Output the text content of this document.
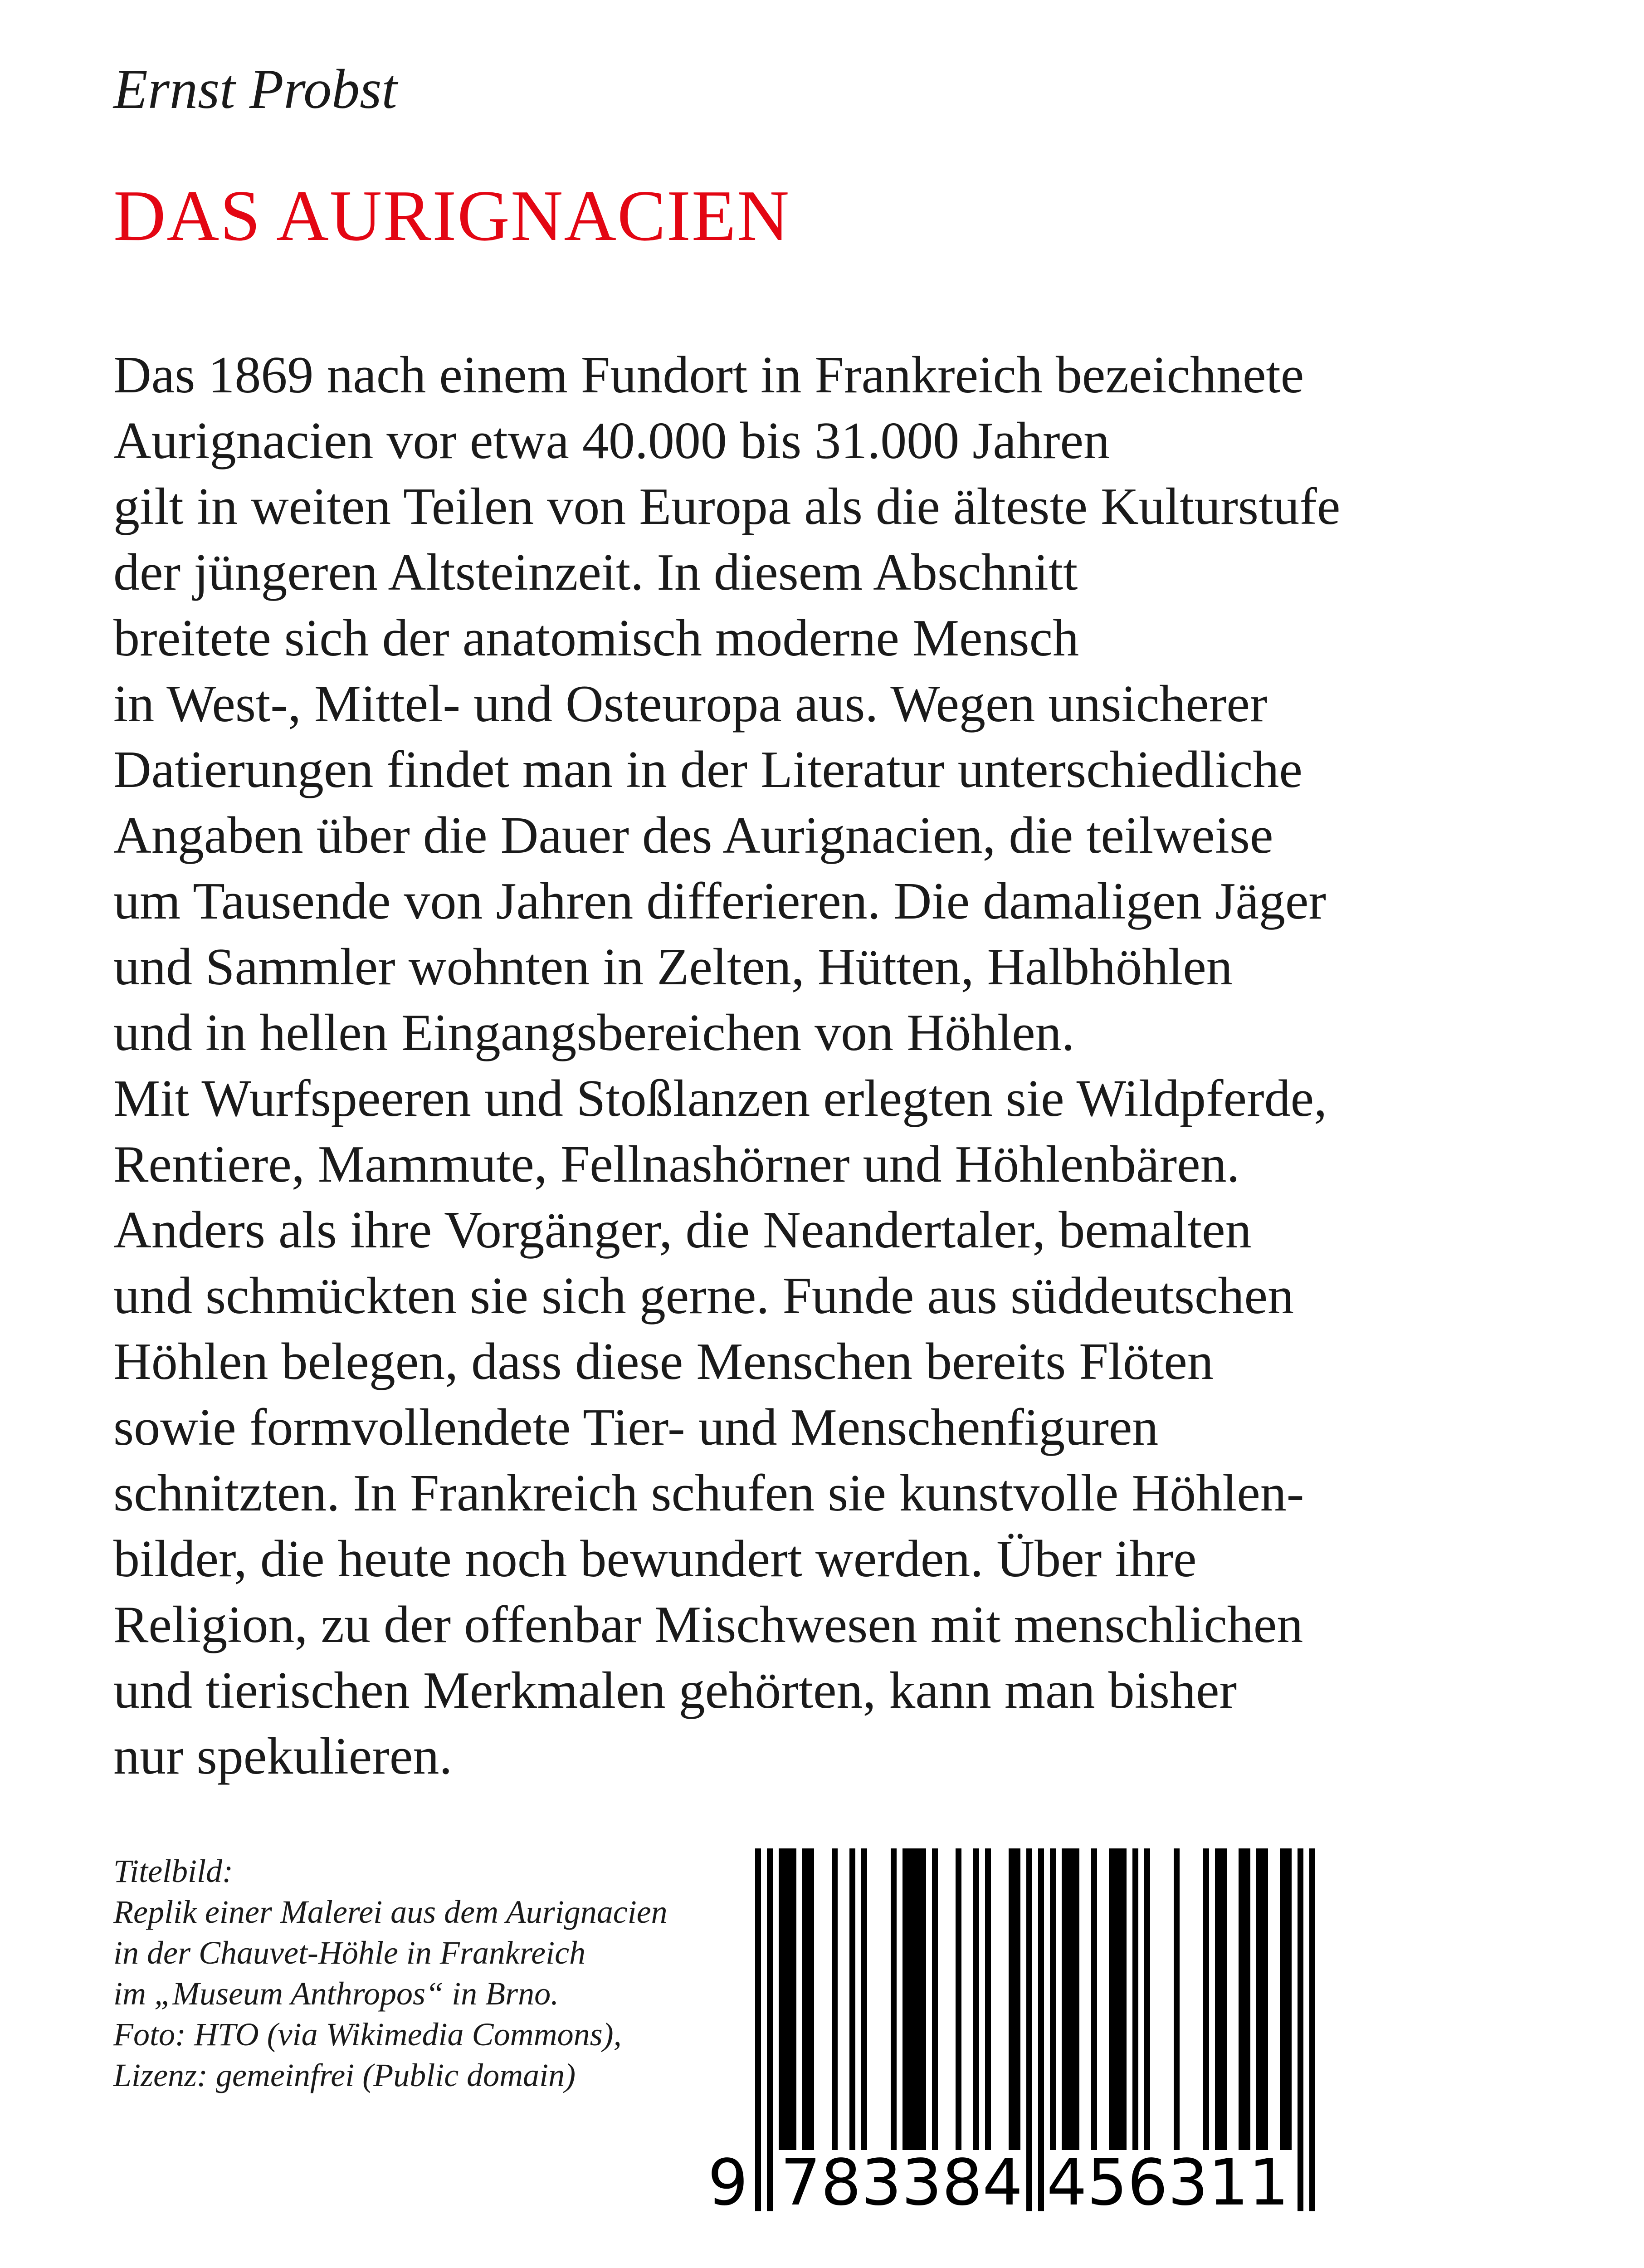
Ernst Probst

DAS AURIGNACIEN
Das 1869 nach einem Fundort in Frankreich bezeichnete
Aurignacien vor etwa 40.000 bis 31.000 Jahren
gilt in weiten Teilen von Europa als die älteste Kulturstufe
der jüngeren Altsteinzeit. In diesem Abschnitt
breitete sich der anatomisch moderne Mensch
in West-, Mittel- und Osteuropa aus. Wegen unsicherer
Datierungen findet man in der Literatur unterschiedliche
Angaben über die Dauer des Aurignacien, die teilweise
um Tausende von Jahren differieren. Die damaligen Jäger
und Sammler wohnten in Zelten, Hütten, Halbhöhlen
und in hellen Eingangsbereichen von Höhlen.
Mit Wurfspeeren und Stoßlanzen erlegten sie Wildpferde,
Rentiere, Mammute, Fellnashörner und Höhlenbären.
Anders als ihre Vorgänger, die Neandertaler, bemalten
und schmückten sie sich gerne. Funde aus süddeutschen
Höhlen belegen, dass diese Menschen bereits Flöten
sowie formvollendete Tier- und Menschenfiguren
schnitzten. In Frankreich schufen sie kunstvolle Höhlen-
bilder, die heute noch bewundert werden. Über ihre
Religion, zu der offenbar Mischwesen mit menschlichen
und tierischen Merkmalen gehörten, kann man bisher
nur spekulieren.
Titelbild:
Replik einer Malerei aus dem Aurignacien
in der Chauvet-Höhle in Frankreich
im „Museum Anthropos“ in Brno.
Foto: HTO (via Wikimedia Commons),
Lizenz: gemeinfrei (Public domain)
9 783384 456311
